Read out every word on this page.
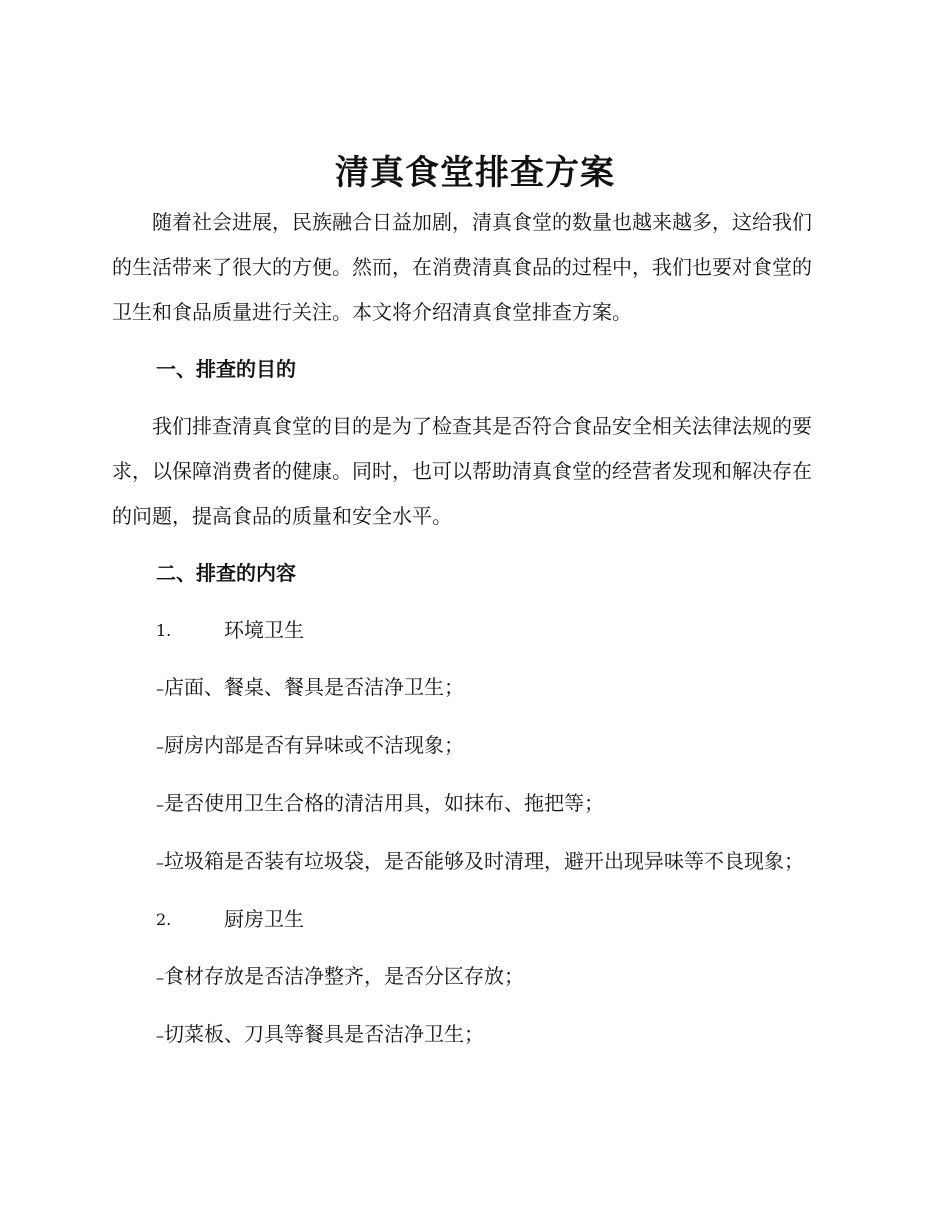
清真食堂排查方案

随着社会进展，民族融合日益加剧，清真食堂的数量也越来越多，这给我们的生活带来了很大的方便。然而，在消费清真食品的过程中，我们也要对食堂的卫生和食品质量进行关注。本文将介绍清真食堂排查方案。

一、排查的目的

我们排查清真食堂的目的是为了检查其是否符合食品安全相关法律法规的要求，以保障消费者的健康。同时，也可以帮助清真食堂的经营者发现和解决存在的问题，提高食品的质量和安全水平。

二、排查的内容
1.	环境卫生

–店面、餐桌、餐具是否洁净卫生；

–厨房内部是否有异味或不洁现象；

–是否使用卫生合格的清洁用具，如抹布、拖把等；

–垃圾箱是否装有垃圾袋，是否能够及时清理，避开出现异味等不良现象；

2.	厨房卫生

–食材存放是否洁净整齐，是否分区存放；

–切菜板、刀具等餐具是否洁净卫生；
